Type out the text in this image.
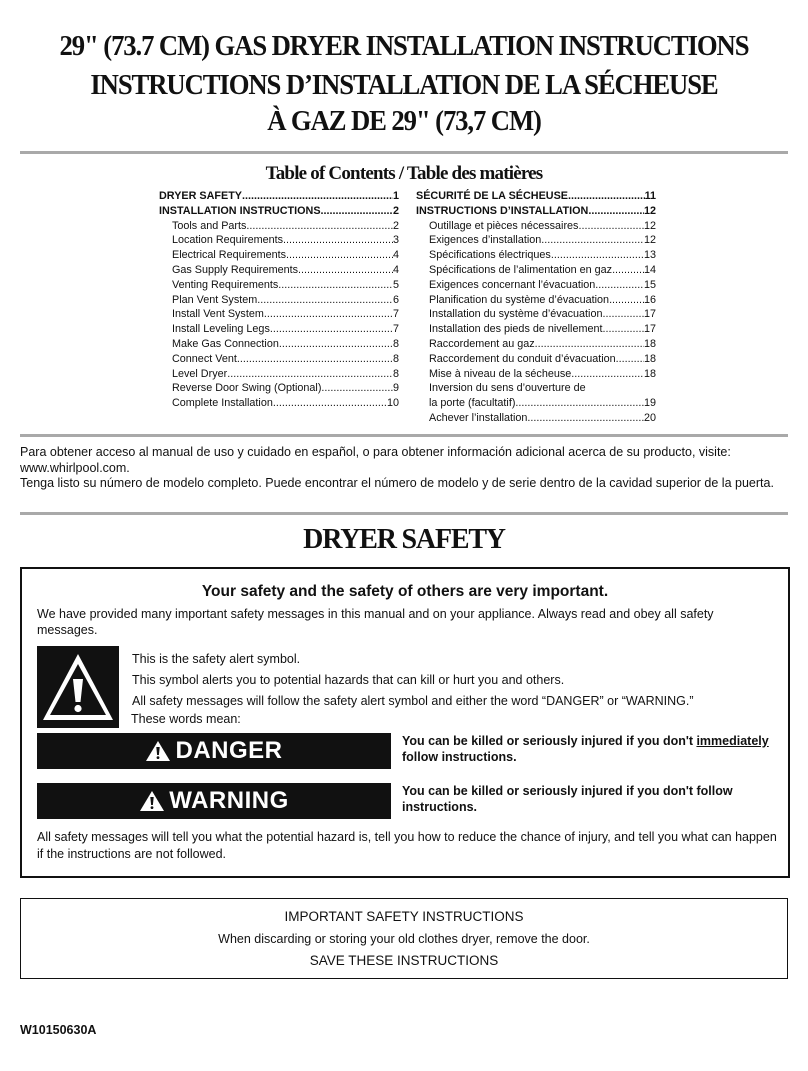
29" (73.7 CM) GAS DRYER INSTALLATION INSTRUCTIONS
INSTRUCTIONS D’INSTALLATION DE LA SÉCHEUSE
À GAZ DE 29" (73,7 CM)
Table of Contents / Table des matières
DRYER SAFETY .....	1
INSTALLATION INSTRUCTIONS .....	2
Tools and Parts .....	2
Location Requirements .....	3
Electrical Requirements .....	4
Gas Supply Requirements .....	4
Venting Requirements .....	5
Plan Vent System .....	6
Install Vent System .....	7
Install Leveling Legs .....	7
Make Gas Connection .....	8
Connect Vent .....	8
Level Dryer .....	8
Reverse Door Swing (Optional) .....	9
Complete Installation .....	10
SÉCURITÉ DE LA SÉCHEUSE .....	11
INSTRUCTIONS D’INSTALLATION .....	12
Outillage et pièces nécessaires .....	12
Exigences d’installation .....	12
Spécifications électriques .....	13
Spécifications de l’alimentation en gaz .....	14
Exigences concernant l’évacuation .....	15
Planification du système d’évacuation .....	16
Installation du système d’évacuation .....	17
Installation des pieds de nivellement .....	17
Raccordement au gaz .....	18
Raccordement du conduit d’évacuation .....	18
Mise à niveau de la sécheuse .....	18
Inversion du sens d’ouverture de
la porte (facultatif) .....	19
Achever l’installation .....	20
Para obtener acceso al manual de uso y cuidado en español, o para obtener información adicional acerca de su producto, visite: www.whirlpool.com.
Tenga listo su número de modelo completo. Puede encontrar el número de modelo y de serie dentro de la cavidad superior de la puerta.
DRYER SAFETY
Your safety and the safety of others are very important.
We have provided many important safety messages in this manual and on your appliance. Always read and obey all safety messages.
This is the safety alert symbol.
This symbol alerts you to potential hazards that can kill or hurt you and others.
All safety messages will follow the safety alert symbol and either the word “DANGER” or “WARNING.”
These words mean:
DANGER	You can be killed or seriously injured if you don't immediately follow instructions.
WARNING	You can be killed or seriously injured if you don't follow instructions.
All safety messages will tell you what the potential hazard is, tell you how to reduce the chance of injury, and tell you what can happen if the instructions are not followed.
IMPORTANT SAFETY INSTRUCTIONS
When discarding or storing your old clothes dryer, remove the door.
SAVE THESE INSTRUCTIONS
W10150630A
